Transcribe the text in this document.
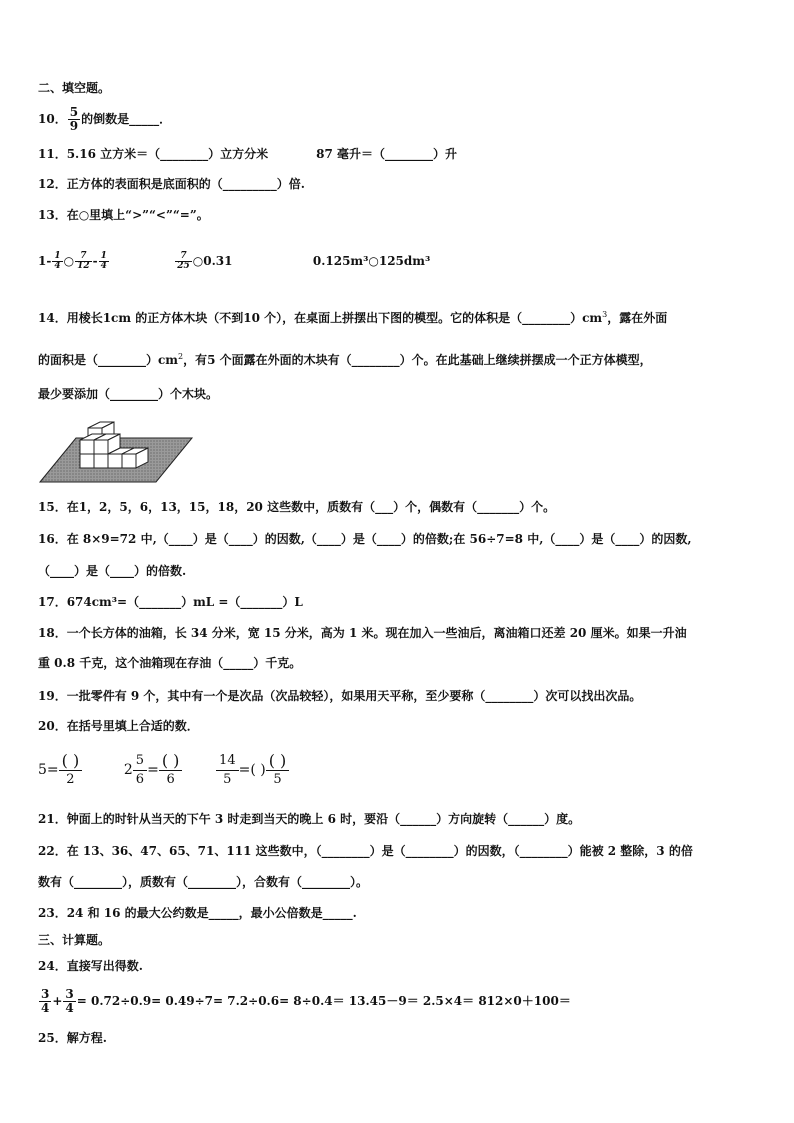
二、填空题。
10． $\frac{5}{9}$ 的倒数是_____．
11．5.16 立方米＝（________）立方分米	87 毫升＝（________）升
12．正方体的表面积是底面积的（_________）倍.
13．在○里填上“>”“<”“=”。
$1- \frac{1}{4}$ ○ $\frac{7}{12} - \frac{1}{4}$
	$\frac{7}{25}$ ○0.31	0.125m³○125dm³
14．用棱长1cm 的正方体木块（不到10 个），在桌面上拼摆出下图的模型。它的体积是$(\_\_\_\_\_\_\_\_)cm^3$，露在外面
的面积是$(\_\_\_\_\_\_\_\_)cm^2$，有5 个面露在外面的木块有（________）个。在此基础上继续拼摆成一个正方体模型，
最少要添加（________）个木块。
15．在1，2，5，6，13，15，18，20 这些数中，质数有（___）个，偶数有（_______）个。
16．在 8×9=72 中,（____）是（____）的因数,（____）是（____）的倍数;在 56÷7=8 中,（____）是（____）的因数,
（____）是（____）的倍数.
17．674cm³=（_______）mL =（_______）L
18．一个长方体的油箱，长 34 分米，宽 15 分米，高为 1 米。现在加入一些油后，离油箱口还差 20 厘米。如果一升油
重 0.8 千克，这个油箱现在存油（_____）千克。
19．一批零件有 9 个，其中有一个是次品（次品较轻），如果用天平称，至少要称（________）次可以找出次品。
20．在括号里填上合适的数．
$5= \frac{( )}{2}$	$2 \frac{5}{6} = \frac{( )}{6}$
	$\frac{14}{5}$ =( ) $\frac{( )}{5}$
21．钟面上的时针从当天的下午 3 时走到当天的晚上 6 时，要沿（______）方向旋转（______）度。
22．在 13、36、47、65、71、111 这些数中，（________）是（________）的因数，（________）能被 2 整除，3 的倍
数有（________），质数有（________），合数有（________）。
23．24 和 16 的最大公约数是_____，最小公倍数是_____.
三、计算题。
24．直接写出得数.
$\frac{3}{4} + \frac{3}{4} = 0.72\div 0.9= 0.49\div 7= 7.2\div 0.6= 8\div 0.4= 13.45-9= 2.5\times 4= 812\times 0+100=$
25．解方程.
